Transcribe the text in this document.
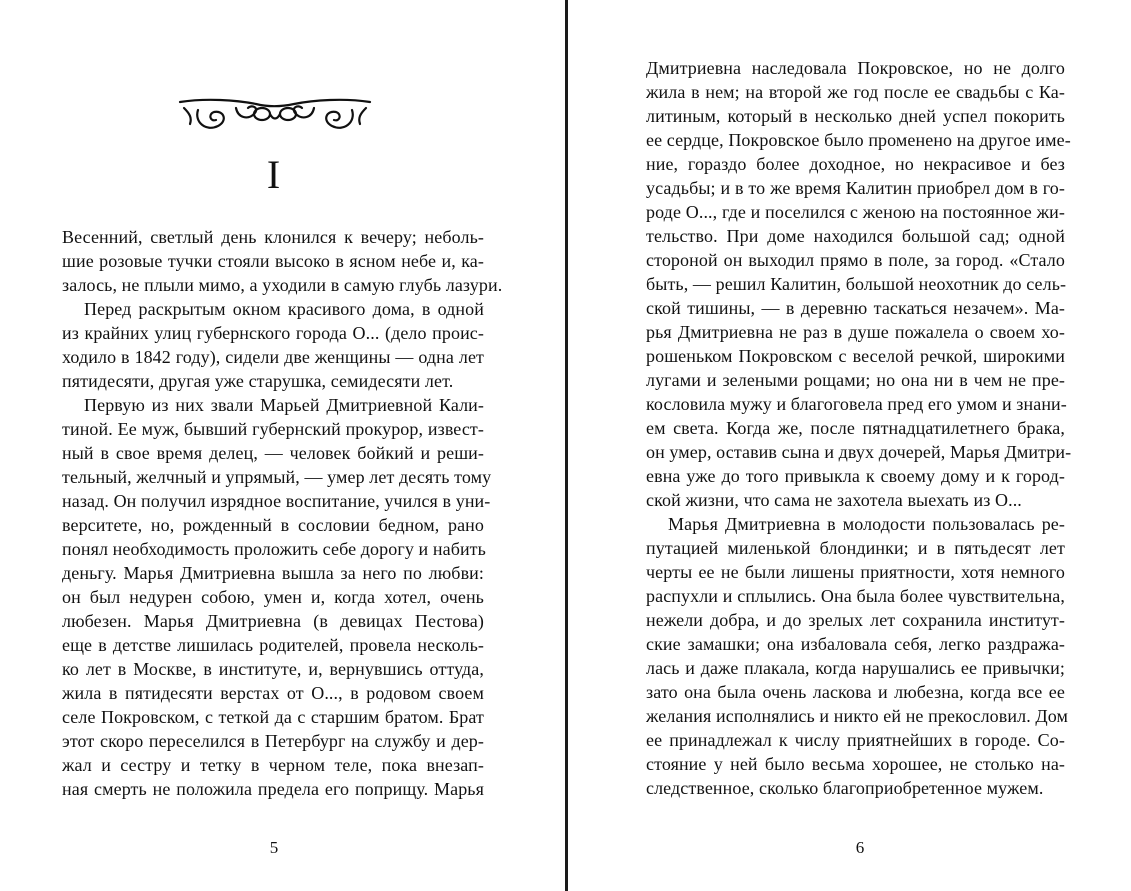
I
Весенний, светлый день клонился к вечеру; неболь-
шие розовые тучки стояли высоко в ясном небе и, ка-
залось, не плыли мимо, а уходили в самую глубь лазури.
Перед раскрытым окном красивого дома, в одной
из крайних улиц губернского города О... (дело проис-
ходило в 1842 году), сидели две женщины — одна лет
пятидесяти, другая уже старушка, семидесяти лет.
Первую из них звали Марьей Дмитриевной Кали-
тиной. Ее муж, бывший губернский прокурор, извест-
ный в свое время делец, — человек бойкий и реши-
тельный, желчный и упрямый, — умер лет десять тому
назад. Он получил изрядное воспитание, учился в уни-
верситете, но, рожденный в сословии бедном, рано
понял необходимость проложить себе дорогу и набить
деньгу. Марья Дмитриевна вышла за него по любви:
он был недурен собою, умен и, когда хотел, очень
любезен. Марья Дмитриевна (в девицах Пестова)
еще в детстве лишилась родителей, провела несколь-
ко лет в Москве, в институте, и, вернувшись оттуда,
жила в пятидесяти верстах от О..., в родовом своем
селе Покровском, с теткой да с старшим братом. Брат
этот скоро переселился в Петербург на службу и дер-
жал и сестру и тетку в черном теле, пока внезап-
ная смерть не положила предела его поприщу. Марья
5
Дмитриевна наследовала Покровское, но не долго
жила в нем; на второй же год после ее свадьбы с Ка-
литиным, который в несколько дней успел покорить
ее сердце, Покровское было променено на другое име-
ние, гораздо более доходное, но некрасивое и без
усадьбы; и в то же время Калитин приобрел дом в го-
роде О..., где и поселился с женою на постоянное жи-
тельство. При доме находился большой сад; одной
стороной он выходил прямо в поле, за город. «Стало
быть, — решил Калитин, большой неохотник до сель-
ской тишины, — в деревню таскаться незачем». Ма-
рья Дмитриевна не раз в душе пожалела о своем хо-
рошеньком Покровском с веселой речкой, широкими
лугами и зелеными рощами; но она ни в чем не пре-
кословила мужу и благоговела пред его умом и знани-
ем света. Когда же, после пятнадцатилетнего брака,
он умер, оставив сына и двух дочерей, Марья Дмитри-
евна уже до того привыкла к своему дому и к город-
ской жизни, что сама не захотела выехать из О...
Марья Дмитриевна в молодости пользовалась ре-
путацией миленькой блондинки; и в пятьдесят лет
черты ее не были лишены приятности, хотя немного
распухли и сплылись. Она была более чувствительна,
нежели добра, и до зрелых лет сохранила институт-
ские замашки; она избаловала себя, легко раздража-
лась и даже плакала, когда нарушались ее привычки;
зато она была очень ласкова и любезна, когда все ее
желания исполнялись и никто ей не прекословил. Дом
ее принадлежал к числу приятнейших в городе. Со-
стояние у ней было весьма хорошее, не столько на-
следственное, сколько благоприобретенное мужем.
6
